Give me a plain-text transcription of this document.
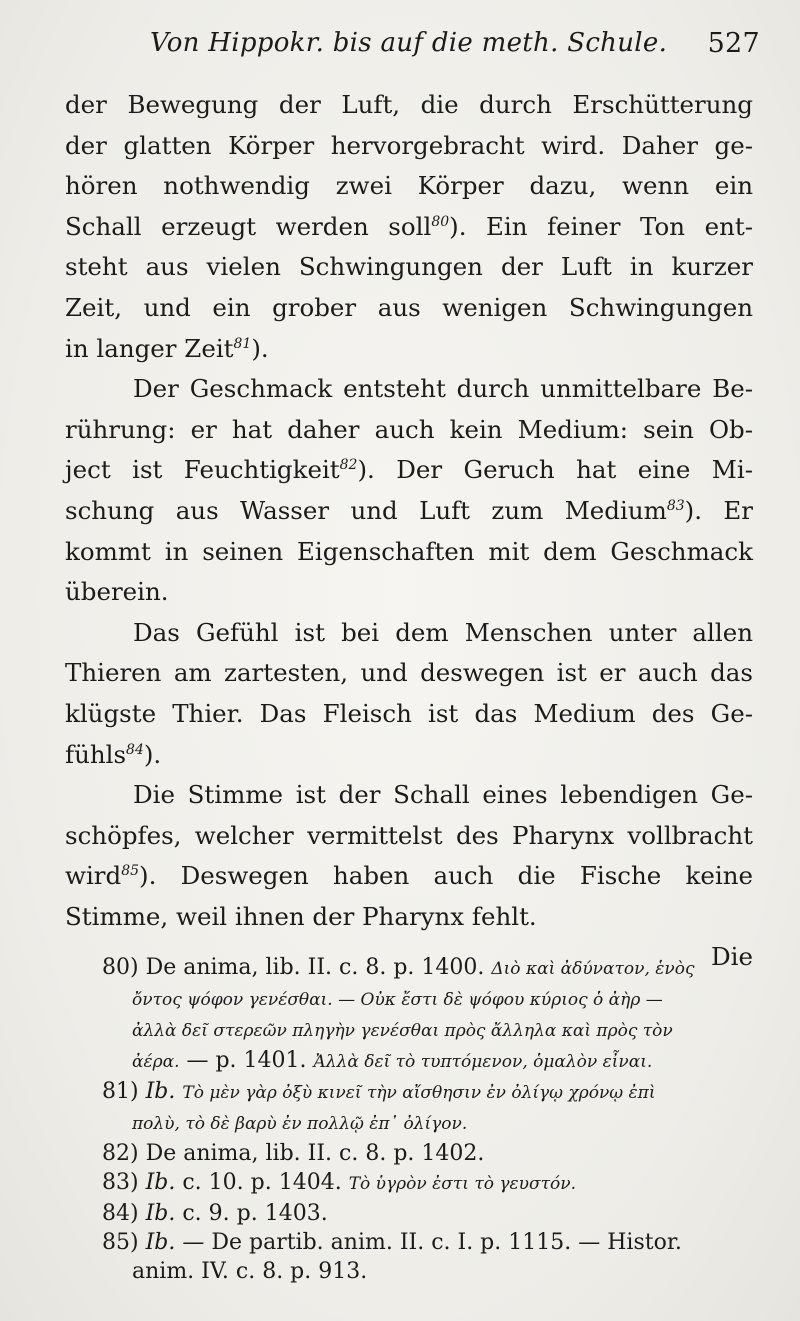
Von Hippokr. bis auf die meth. Schule. 527
der Bewegung der Luft, die durch Erschütterung
der glatten Körper hervorgebracht wird. Daher ge-
hören nothwendig zwei Körper dazu, wenn ein
Schall erzeugt werden soll$^{80}$). Ein feiner Ton ent-
steht aus vielen Schwingungen der Luft in kurzer
Zeit, und ein grober aus wenigen Schwingungen
in langer Zeit$^{81}$).
Der Geschmack entsteht durch unmittelbare Be-
rührung: er hat daher auch kein Medium: sein Ob-
ject ist Feuchtigkeit$^{82}$). Der Geruch hat eine Mi-
schung aus Wasser und Luft zum Medium$^{83}$). Er
kommt in seinen Eigenschaften mit dem Geschmack
überein.
Das Gefühl ist bei dem Menschen unter allen
Thieren am zartesten, und deswegen ist er auch das
klügste Thier. Das Fleisch ist das Medium des Ge-
fühls$^{84}$).
Die Stimme ist der Schall eines lebendigen Ge-
schöpfes, welcher vermittelst des Pharynx vollbracht
wird$^{85}$). Deswegen haben auch die Fische keine
Stimme, weil ihnen der Pharynx fehlt.
Die
80) De anima, lib. II. c. 8. p. 1400. Διὸ καὶ ἀδύνατον, ἑνὸς
ὄντος ψόφον γενέσθαι. — Οὐκ ἔστι δὲ ψόφου κύριος ὁ ἀὴρ —
ἀλλὰ δεῖ στερεῶν πληγὴν γενέσθαι πρὸς ἄλληλα καὶ πρὸς τὸν
ἀέρα. — p. 1401. Ἀλλὰ δεῖ τὸ τυπτόμενον, ὁμαλὸν εἶναι.
81) Ib. Τὸ μὲν γὰρ ὀξὺ κινεῖ τὴν αἴσθησιν ἐν ὀλίγῳ χρόνῳ ἐπὶ
πολὺ, τὸ δὲ βαρὺ ἐν πολλῷ ἐπ᾽ ὀλίγον.
82) De anima, lib. II. c. 8. p. 1402.
83) Ib. c. 10. p. 1404. Τὸ ὑγρὸν ἐστι τὸ γευστόν.
84) Ib. c. 9. p. 1403.
85) Ib. — De partib. anim. II. c. I. p. 1115. — Histor.
anim. IV. c. 8. p. 913.
